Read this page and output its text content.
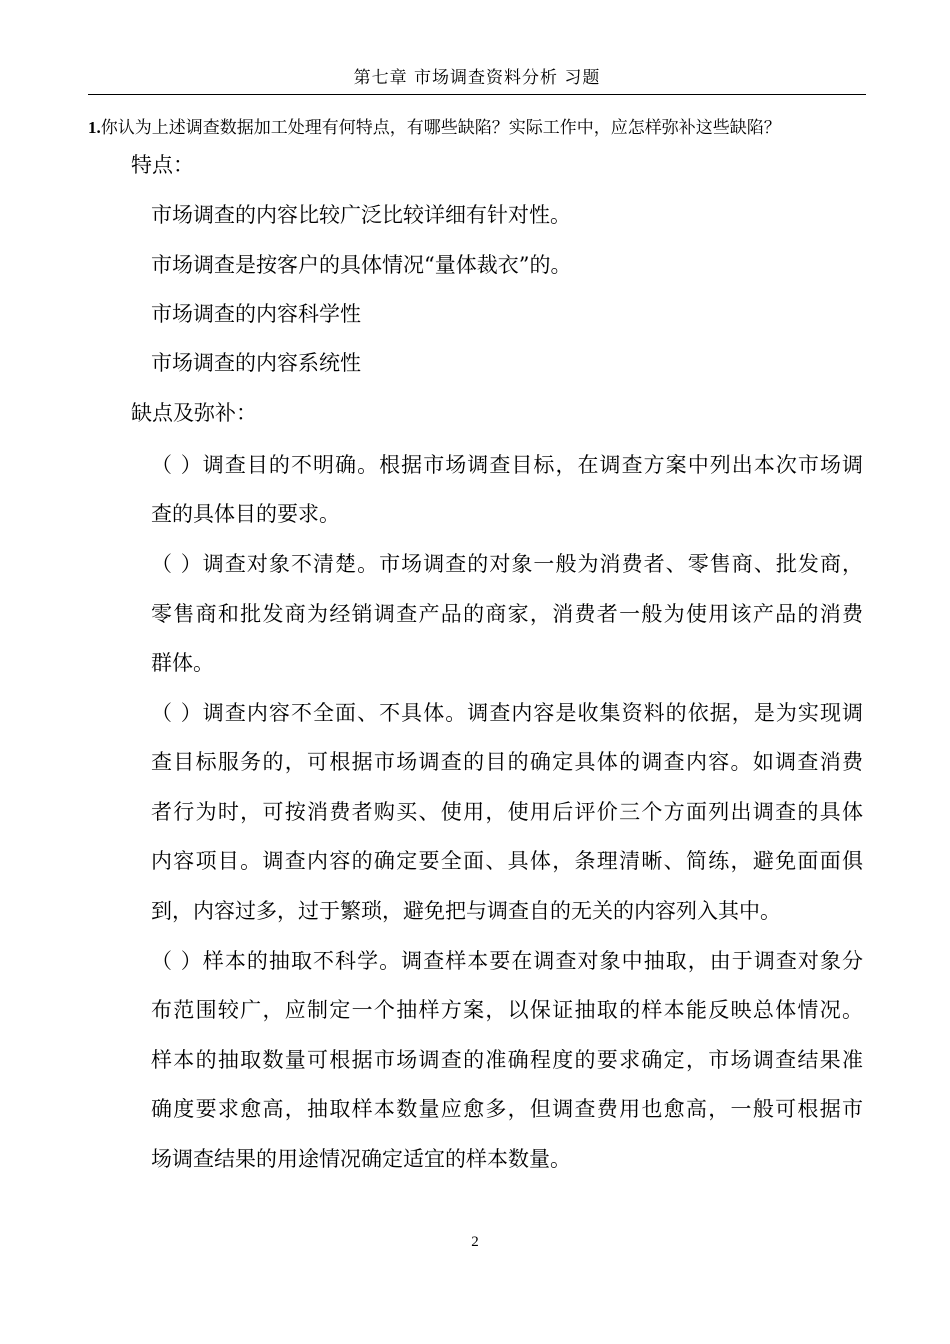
第七章 市场调查资料分析 习题
1.你认为上述调查数据加工处理有何特点，有哪些缺陷？实际工作中，应怎样弥补这些缺陷？
特点：
市场调查的内容比较广泛比较详细有针对性。
市场调查是按客户的具体情况“量体裁衣”的。
市场调查的内容科学性
市场调查的内容系统性
缺点及弥补：
（ ）调查目的不明确。根据市场调查目标，在调查方案中列出本次市场调
查的具体目的要求。
（ ）调查对象不清楚。市场调查的对象一般为消费者、零售商、批发商，
零售商和批发商为经销调查产品的商家，消费者一般为使用该产品的消费
群体。
（ ）调查内容不全面、不具体。调查内容是收集资料的依据，是为实现调
查目标服务的，可根据市场调查的目的确定具体的调查内容。如调查消费
者行为时，可按消费者购买、使用，使用后评价三个方面列出调查的具体
内容项目。调查内容的确定要全面、具体，条理清晰、简练，避免面面俱
到，内容过多，过于繁琐，避免把与调查自的无关的内容列入其中。
（ ）样本的抽取不科学。调查样本要在调查对象中抽取，由于调查对象分
布范围较广，应制定一个抽样方案，以保证抽取的样本能反映总体情况。
样本的抽取数量可根据市场调查的准确程度的要求确定，市场调查结果准
确度要求愈高，抽取样本数量应愈多，但调查费用也愈高，一般可根据市
场调查结果的用途情况确定适宜的样本数量。
2
